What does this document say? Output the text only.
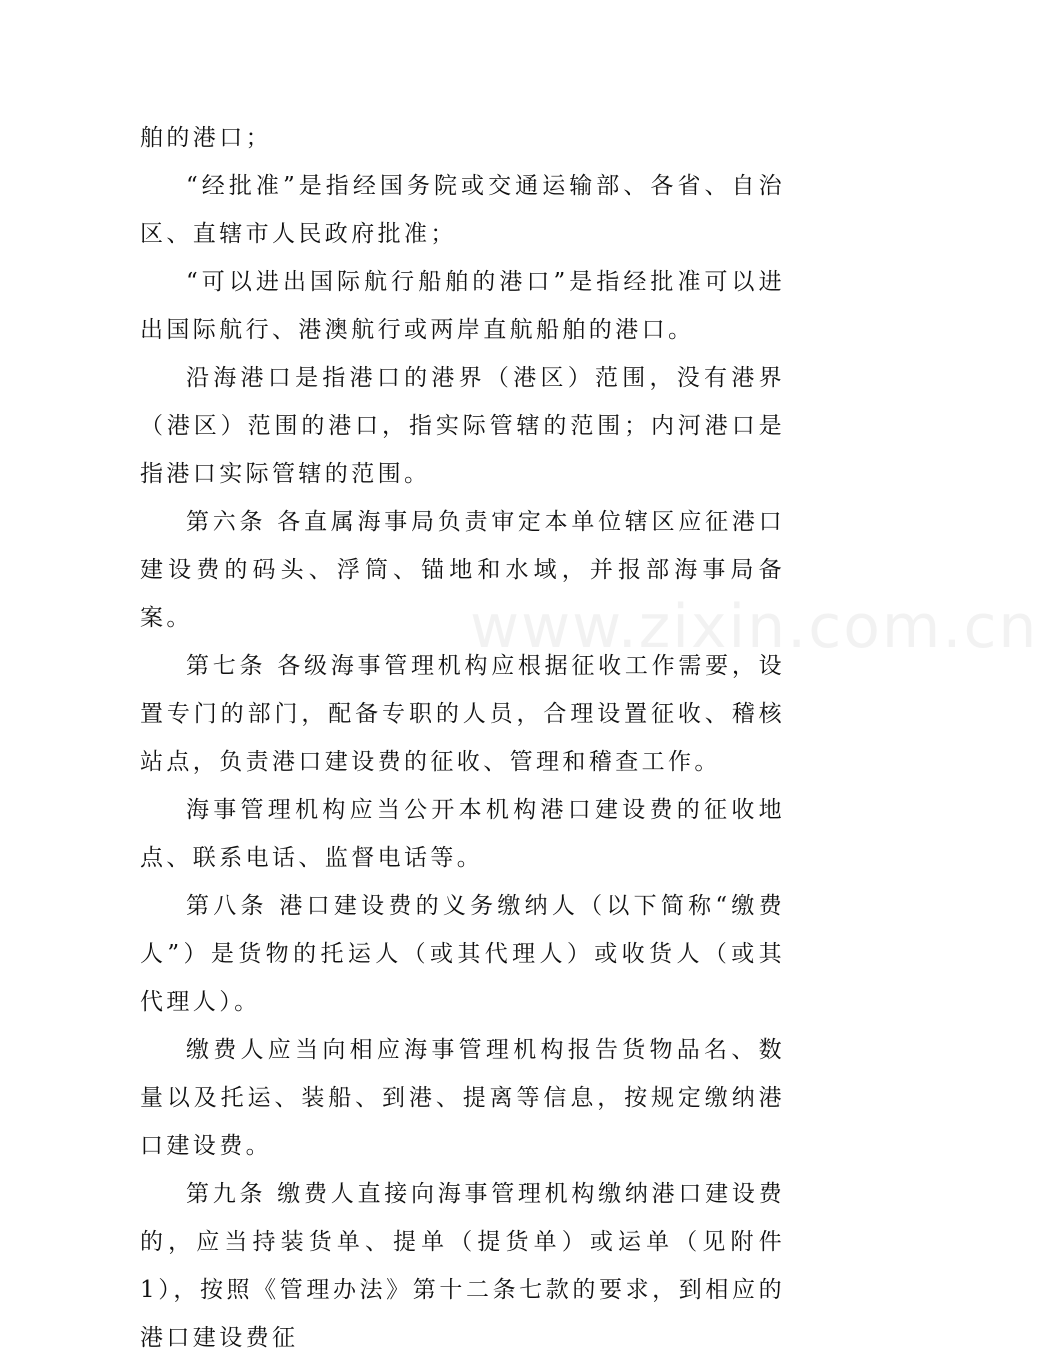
舶的港口；

“经批准”是指经国务院或交通运输部、各省、自治区、直辖市人民政府批准；

“可以进出国际航行船舶的港口”是指经批准可以进出国际航行、港澳航行或两岸直航船舶的港口。

沿海港口是指港口的港界（港区）范围，没有港界（港区）范围的港口，指实际管辖的范围；内河港口是指港口实际管辖的范围。

第六条 各直属海事局负责审定本单位辖区应征港口建设费的码头、浮筒、锚地和水域，并报部海事局备案。

第七条 各级海事管理机构应根据征收工作需要，设置专门的部门，配备专职的人员，合理设置征收、稽核站点，负责港口建设费的征收、管理和稽查工作。

海事管理机构应当公开本机构港口建设费的征收地点、联系电话、监督电话等。

第八条 港口建设费的义务缴纳人（以下简称“缴费人”）是货物的托运人（或其代理人）或收货人（或其代理人）。

缴费人应当向相应海事管理机构报告货物品名、数量以及托运、装船、到港、提离等信息，按规定缴纳港口建设费。

第九条 缴费人直接向海事管理机构缴纳港口建设费的，应当持装货单、提单（提货单）或运单（见附件1），按照《管理办法》第十二条七款的要求，到相应的港口建设费征

www.zixin.com.cn
